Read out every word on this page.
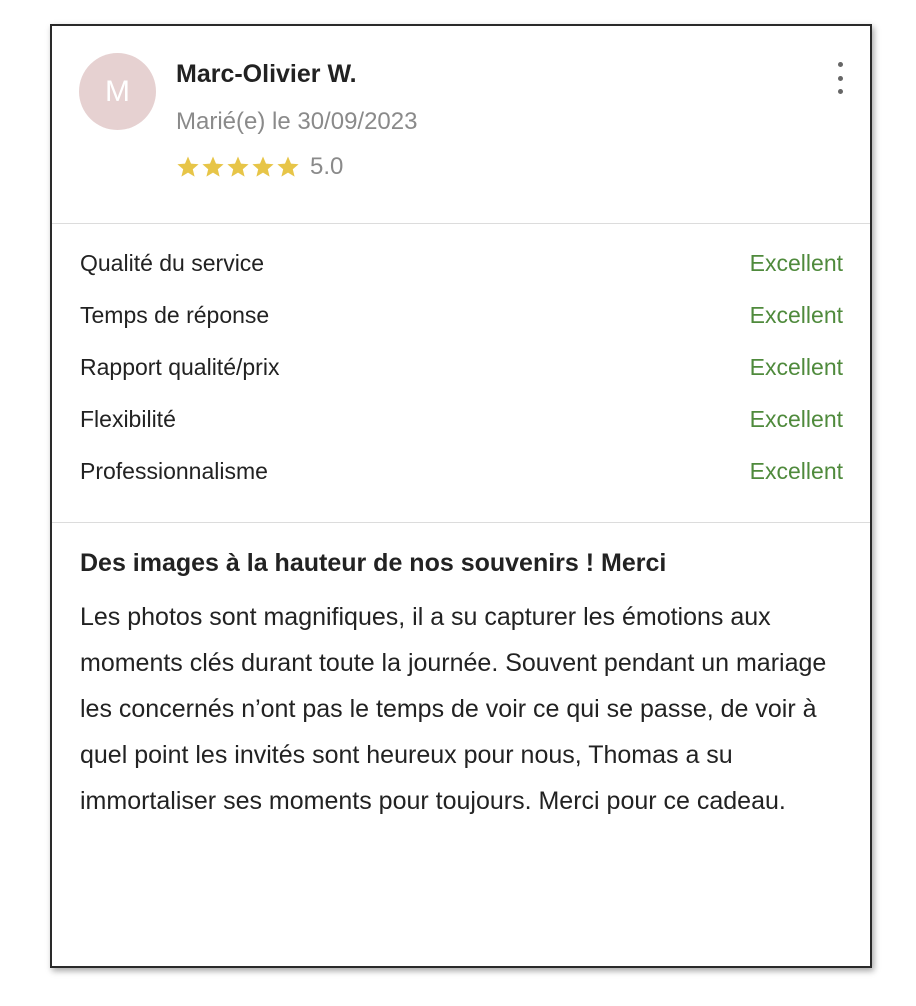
M
Marc-Olivier W.
Marié(e) le 30/09/2023
5.0
Qualité du service	Excellent
Temps de réponse	Excellent
Rapport qualité/prix	Excellent
Flexibilité	Excellent
Professionnalisme	Excellent
Des images à la hauteur de nos souvenirs ! Merci

Les photos sont magnifiques, il a su capturer les émotions aux moments clés durant toute la journée. Souvent pendant un mariage les concernés n’ont pas le temps de voir ce qui se passe, de voir à quel point les invités sont heureux pour nous, Thomas a su immortaliser ses moments pour toujours. Merci pour ce cadeau.
